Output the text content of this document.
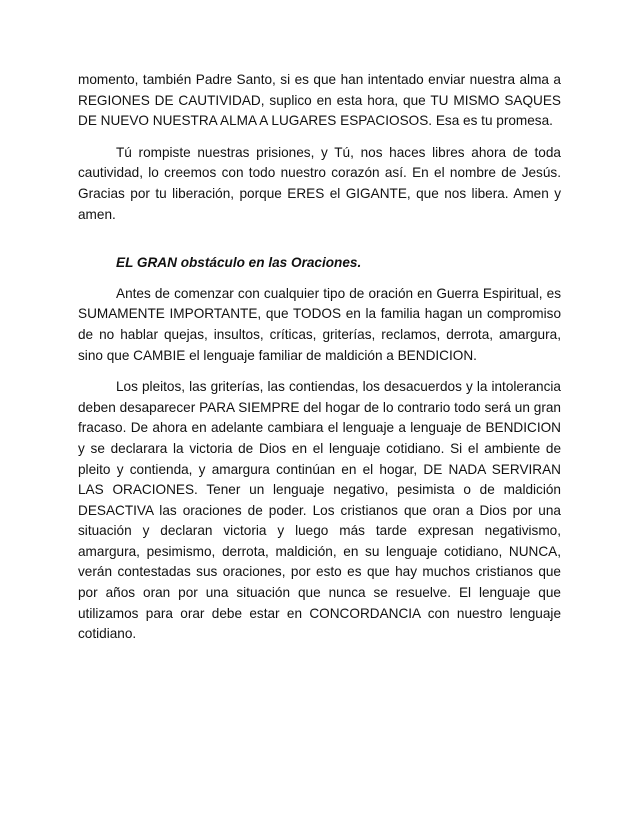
momento, también Padre Santo, si es que han intentado enviar nuestra alma a REGIONES DE CAUTIVIDAD, suplico en esta hora, que TU MISMO SAQUES DE NUEVO NUESTRA ALMA A LUGARES ESPACIOSOS. Esa es tu promesa.

Tú rompiste nuestras prisiones, y Tú, nos haces libres ahora de toda cautividad, lo creemos con todo nuestro corazón así. En el nombre de Jesús. Gracias por tu liberación, porque ERES el GIGANTE, que nos libera. Amen y amen.

EL GRAN obstáculo en las Oraciones.

Antes de comenzar con cualquier tipo de oración en Guerra Espiritual, es SUMAMENTE IMPORTANTE, que TODOS en la familia hagan un compromiso de no hablar quejas, insultos, críticas, griterías, reclamos, derrota, amargura, sino que CAMBIE el lenguaje familiar de maldición a BENDICION.

Los pleitos, las griterías, las contiendas, los desacuerdos y la intolerancia deben desaparecer PARA SIEMPRE del hogar de lo contrario todo será un gran fracaso. De ahora en adelante cambiara el lenguaje a lenguaje de BENDICION y se declarara la victoria de Dios en el lenguaje cotidiano. Si el ambiente de pleito y contienda, y amargura continúan en el hogar, DE NADA SERVIRAN LAS ORACIONES. Tener un lenguaje negativo, pesimista o de maldición DESACTIVA las oraciones de poder. Los cristianos que oran a Dios por una situación y declaran victoria y luego más tarde expresan negativismo, amargura, pesimismo, derrota, maldición, en su lenguaje cotidiano, NUNCA, verán contestadas sus oraciones, por esto es que hay muchos cristianos que por años oran por una situación que nunca se resuelve. El lenguaje que utilizamos para orar debe estar en CONCORDANCIA con nuestro lenguaje cotidiano.
